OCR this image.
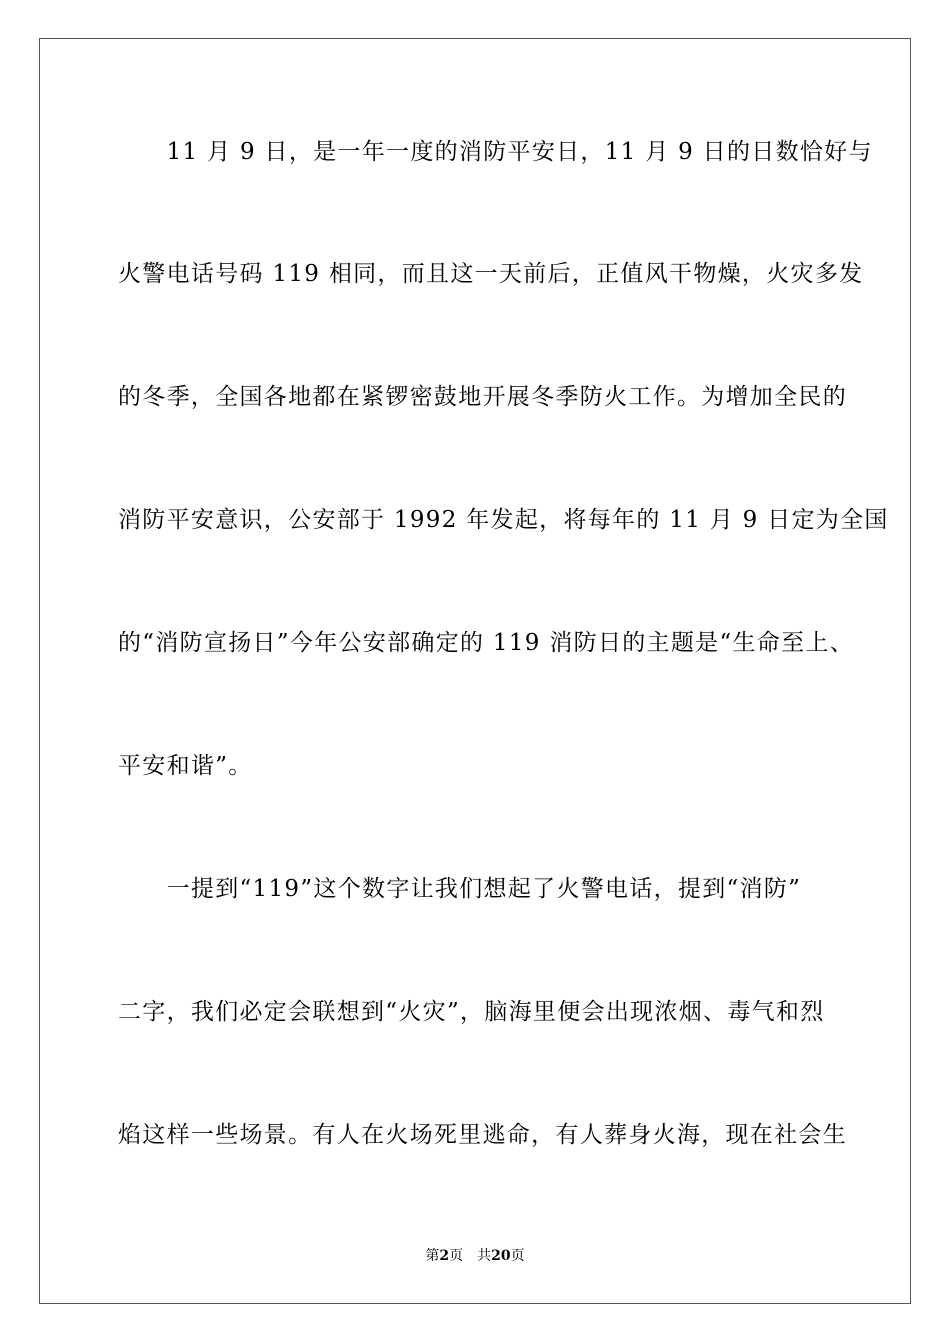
　　11 月 9 日，是一年一度的消防平安日，11 月 9 日的日数恰好与
火警电话号码 119 相同，而且这一天前后，正值风干物燥，火灾多发
的冬季，全国各地都在紧锣密鼓地开展冬季防火工作。为增加全民的
消防平安意识，公安部于 1992 年发起，将每年的 11 月 9 日定为全国
的“消防宣扬日”今年公安部确定的 119 消防日的主题是“生命至上、
平安和谐”。
　　一提到“119”这个数字让我们想起了火警电话，提到“消防”
二字，我们必定会联想到“火灾”，脑海里便会出现浓烟、毒气和烈
焰这样一些场景。有人在火场死里逃命，有人葬身火海，现在社会生
第2页 共20页
